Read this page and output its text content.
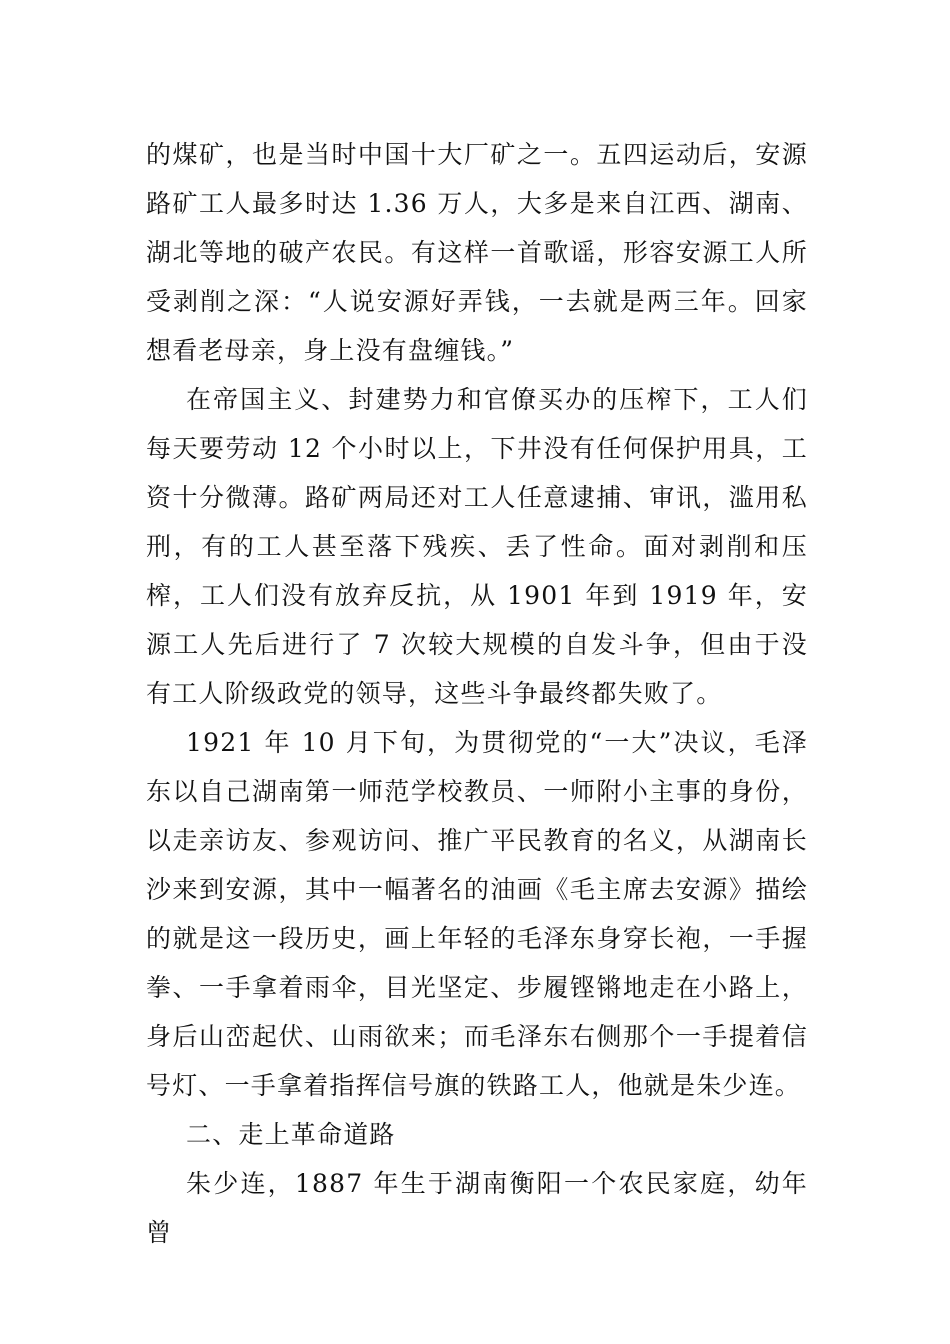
的煤矿，也是当时中国十大厂矿之一。五四运动后，安源路矿工人最多时达 1.36 万人，大多是来自江西、湖南、湖北等地的破产农民。有这样一首歌谣，形容安源工人所受剥削之深：“人说安源好弄钱，一去就是两三年。回家想看老母亲，身上没有盘缠钱。”

在帝国主义、封建势力和官僚买办的压榨下，工人们每天要劳动 12 个小时以上，下井没有任何保护用具，工资十分微薄。路矿两局还对工人任意逮捕、审讯，滥用私刑，有的工人甚至落下残疾、丢了性命。面对剥削和压榨，工人们没有放弃反抗，从 1901 年到 1919 年，安源工人先后进行了 7 次较大规模的自发斗争，但由于没有工人阶级政党的领导，这些斗争最终都失败了。

1921 年 10 月下旬，为贯彻党的“一大”决议，毛泽东以自己湖南第一师范学校教员、一师附小主事的身份，以走亲访友、参观访问、推广平民教育的名义，从湖南长沙来到安源，其中一幅著名的油画《毛主席去安源》描绘的就是这一段历史，画上年轻的毛泽东身穿长袍，一手握拳、一手拿着雨伞，目光坚定、步履铿锵地走在小路上，身后山峦起伏、山雨欲来；而毛泽东右侧那个一手提着信号灯、一手拿着指挥信号旗的铁路工人，他就是朱少连。

二、走上革命道路

朱少连，1887 年生于湖南衡阳一个农民家庭，幼年曾
